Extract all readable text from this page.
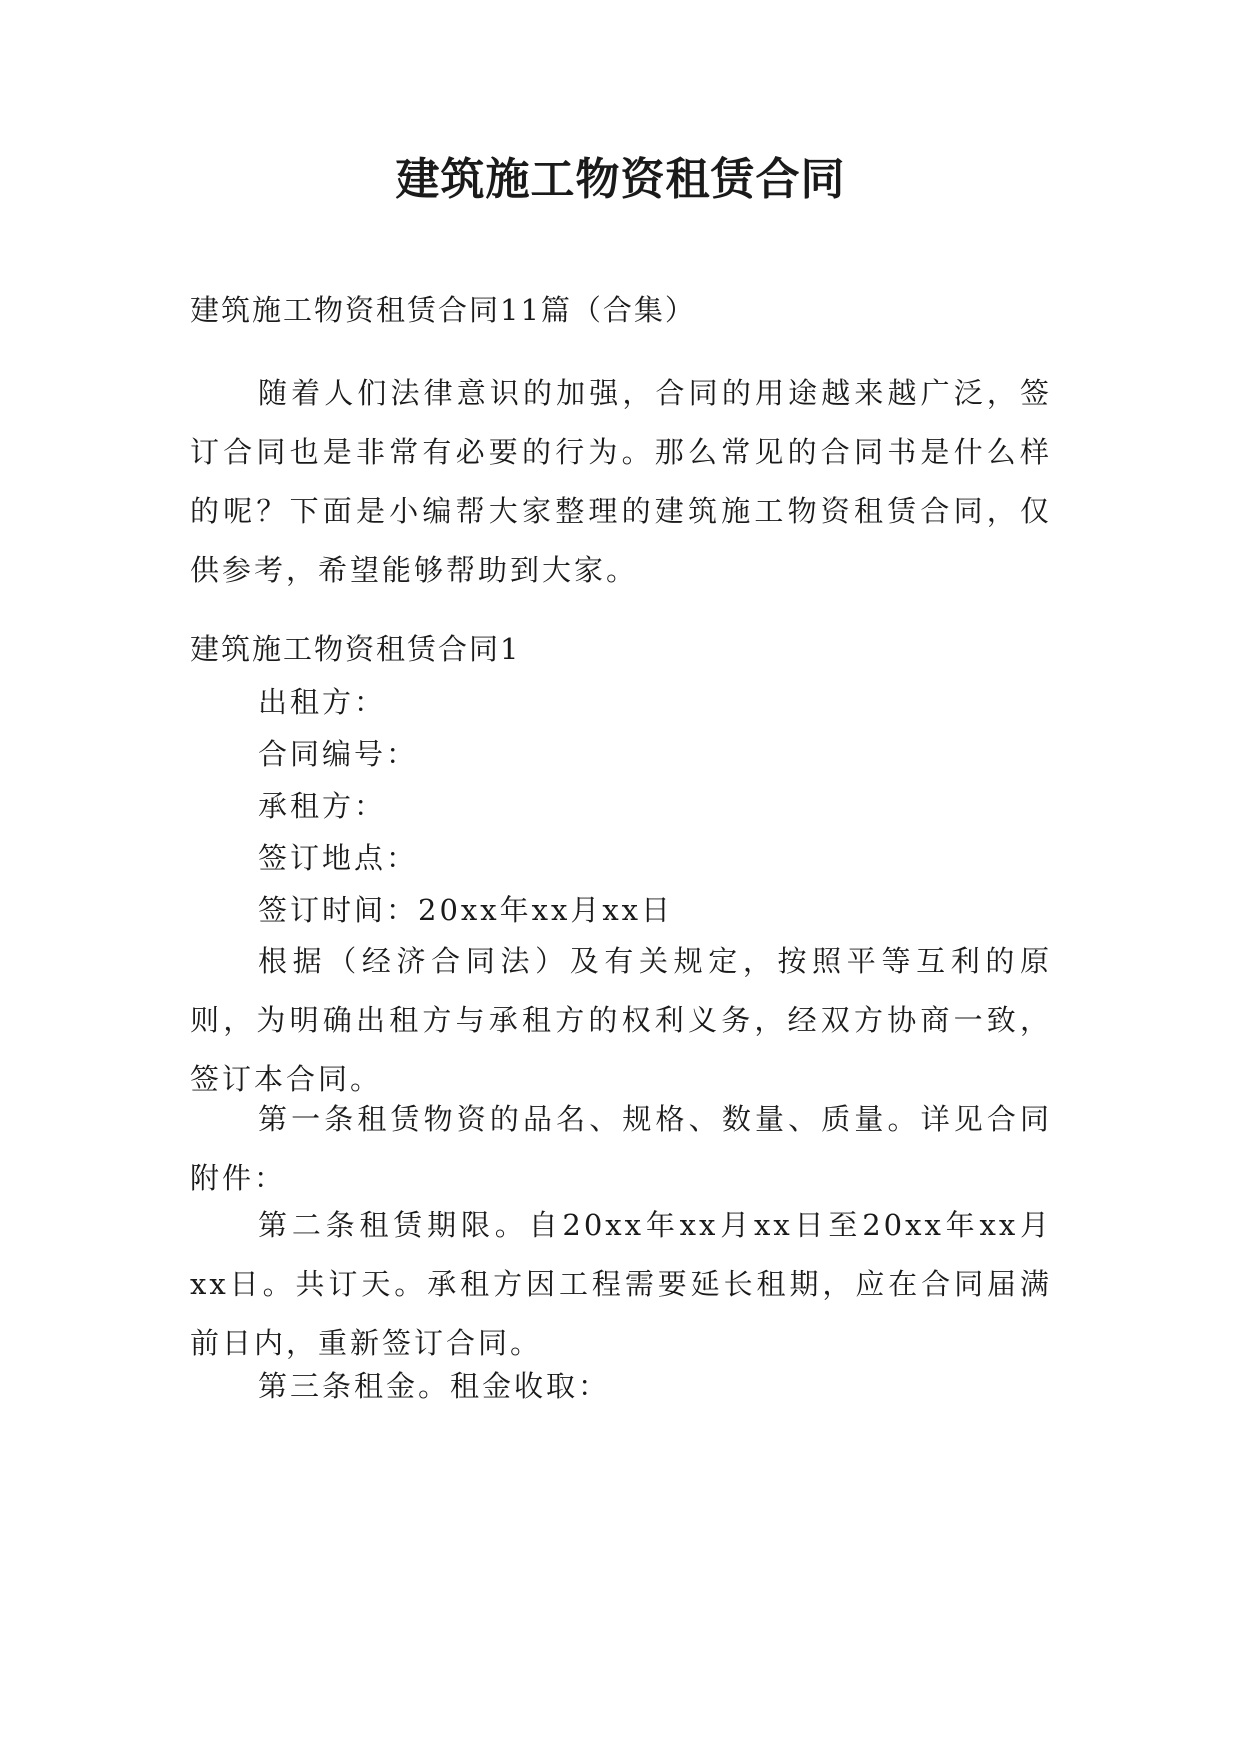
建筑施工物资租赁合同

建筑施工物资租赁合同11篇（合集）

随着人们法律意识的加强，合同的用途越来越广泛，签订合同也是非常有必要的行为。那么常见的合同书是什么样的呢？下面是小编帮大家整理的建筑施工物资租赁合同，仅供参考，希望能够帮助到大家。

建筑施工物资租赁合同1

出租方：

合同编号：

承租方：

签订地点：

签订时间：20xx年xx月xx日

根据（经济合同法）及有关规定，按照平等互利的原则，为明确出租方与承租方的权利义务，经双方协商一致，签订本合同。

第一条租赁物资的品名、规格、数量、质量。详见合同附件：

第二条租赁期限。自20xx年xx月xx日至20xx年xx月xx日。共订天。承租方因工程需要延长租期，应在合同届满前日内，重新签订合同。

第三条租金。租金收取：
